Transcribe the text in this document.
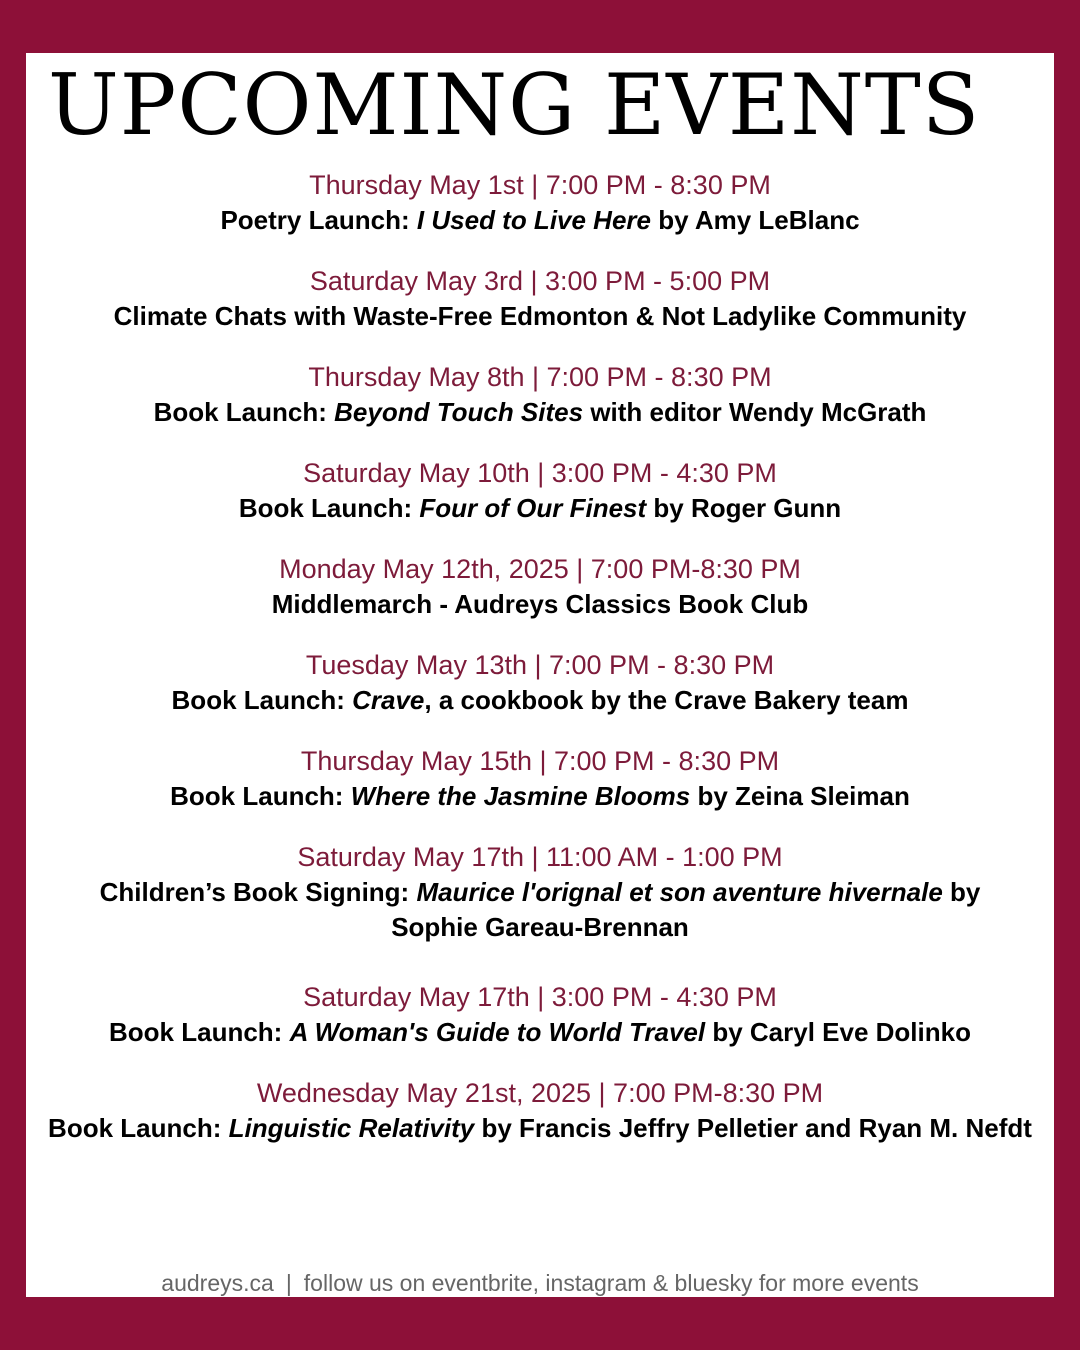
UPCOMING EVENTS
Thursday May 1st | 7:00 PM - 8:30 PM
Poetry Launch: I Used to Live Here by Amy LeBlanc
Saturday May 3rd | 3:00 PM - 5:00 PM
Climate Chats with Waste-Free Edmonton & Not Ladylike Community
Thursday May 8th | 7:00 PM - 8:30 PM
Book Launch: Beyond Touch Sites with editor Wendy McGrath
Saturday May 10th | 3:00 PM - 4:30 PM
Book Launch: Four of Our Finest by Roger Gunn
Monday May 12th, 2025 | 7:00 PM-8:30 PM
Middlemarch - Audreys Classics Book Club
Tuesday May 13th | 7:00 PM - 8:30 PM
Book Launch: Crave, a cookbook by the Crave Bakery team
Thursday May 15th | 7:00 PM - 8:30 PM
Book Launch: Where the Jasmine Blooms by Zeina Sleiman
Saturday May 17th | 11:00 AM - 1:00 PM
Children’s Book Signing: Maurice l'orignal et son aventure hivernale by Sophie Gareau-Brennan
Saturday May 17th | 3:00 PM - 4:30 PM
Book Launch: A Woman's Guide to World Travel by Caryl Eve Dolinko
Wednesday May 21st, 2025 | 7:00 PM-8:30 PM
Book Launch: Linguistic Relativity by Francis Jeffry Pelletier and Ryan M. Nefdt
audreys.ca | follow us on eventbrite, instagram & bluesky for more events
